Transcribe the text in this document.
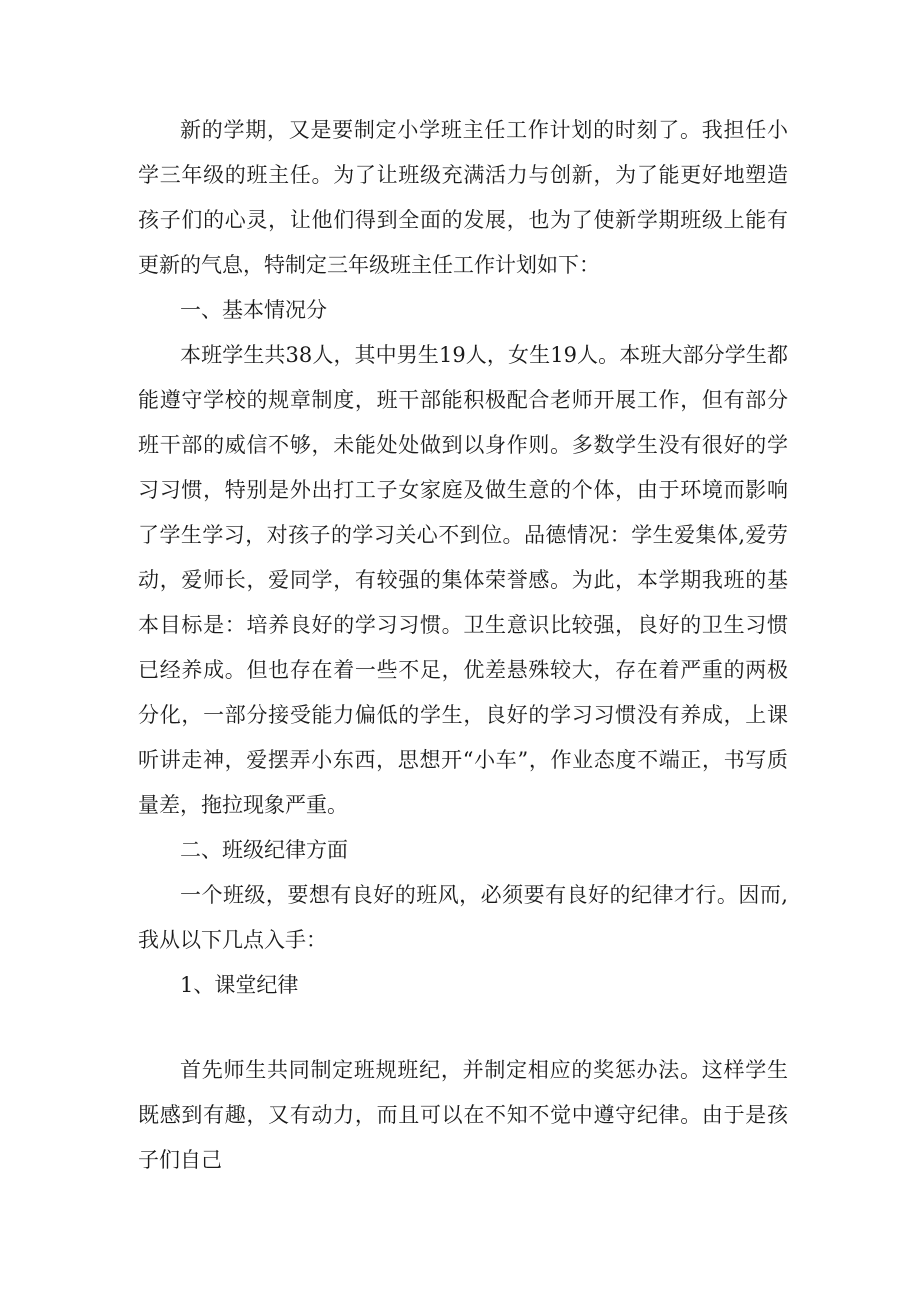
新的学期，又是要制定小学班主任工作计划的时刻了。我担任小学三年级的班主任。为了让班级充满活力与创新，为了能更好地塑造孩子们的心灵，让他们得到全面的发展，也为了使新学期班级上能有更新的气息，特制定三年级班主任工作计划如下：

一、基本情况分

本班学生共38人，其中男生19人，女生19人。本班大部分学生都能遵守学校的规章制度，班干部能积极配合老师开展工作，但有部分班干部的威信不够，未能处处做到以身作则。多数学生没有很好的学习习惯，特别是外出打工子女家庭及做生意的个体，由于环境而影响了学生学习，对孩子的学习关心不到位。品德情况：学生爱集体,爱劳动，爱师长，爱同学，有较强的集体荣誉感。为此，本学期我班的基本目标是：培养良好的学习习惯。卫生意识比较强，良好的卫生习惯已经养成。但也存在着一些不足，优差悬殊较大，存在着严重的两极分化，一部分接受能力偏低的学生，良好的学习习惯没有养成，上课听讲走神，爱摆弄小东西，思想开“小车”，作业态度不端正，书写质量差，拖拉现象严重。

二、班级纪律方面

一个班级，要想有良好的班风，必须要有良好的纪律才行。因而,我从以下几点入手：

1、课堂纪律

首先师生共同制定班规班纪，并制定相应的奖惩办法。这样学生既感到有趣，又有动力，而且可以在不知不觉中遵守纪律。由于是孩子们自己
